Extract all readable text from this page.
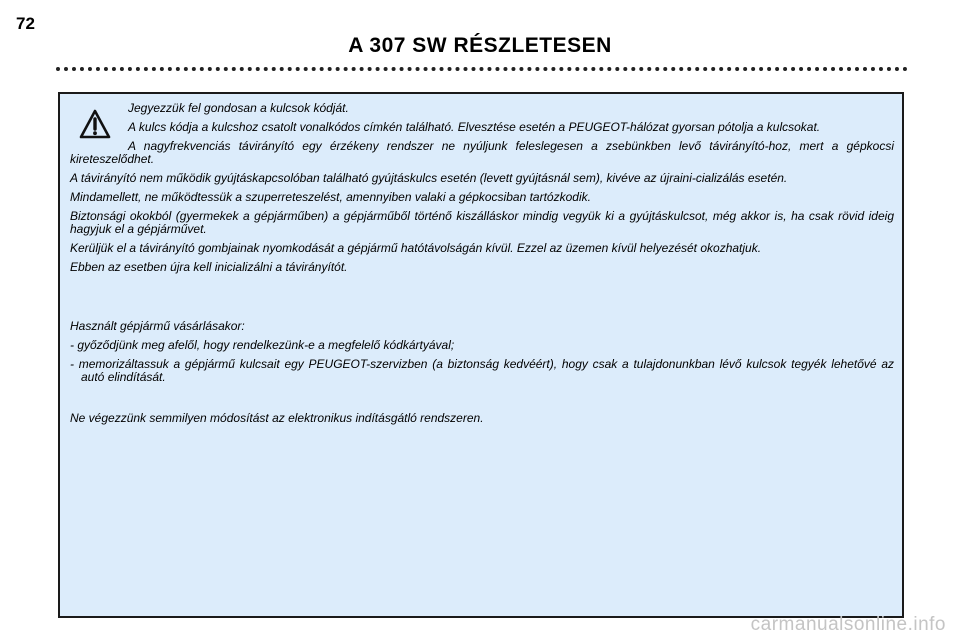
72
A 307 SW RÉSZLETESEN

Jegyezzük fel gondosan a kulcsok kódját.

A kulcs kódja a kulcshoz csatolt vonalkódos címkén található. Elvesztése esetén a PEUGEOT-hálózat gyorsan pótolja a kulcsokat.

A nagyfrekvenciás távirányító egy érzékeny rendszer ne nyúljunk feleslegesen a zsebünkben levő távirányító-hoz, mert a gépkocsi kireteszelődhet.

A távirányító nem működik gyújtáskapcsolóban található gyújtáskulcs esetén (levett gyújtásnál sem), kivéve az újraini-cializálás esetén.

Mindamellett, ne működtessük a szuperreteszelést, amennyiben valaki a gépkocsiban tartózkodik.

Biztonsági okokból (gyermekek a gépjárműben) a gépjárműből történő kiszálláskor mindig vegyük ki a gyújtáskulcsot, még akkor is, ha csak rövid ideig hagyjuk el a gépjárművet.

Kerüljük el a távirányító gombjainak nyomkodását a gépjármű hatótávolságán kívül. Ezzel az üzemen kívül helyezését okozhatjuk.

Ebben az esetben újra kell inicializálni a távirányítót.

Használt gépjármű vásárlásakor:

- győződjünk meg afelől, hogy rendelkezünk-e a megfelelő kódkártyával;

- memorizáltassuk a gépjármű kulcsait egy PEUGEOT-szervizben (a biztonság kedvéért), hogy csak a tulajdonunkban lévő kulcsok tegyék lehetővé az autó elindítását.

Ne végezzünk semmilyen módosítást az elektronikus indításgátló rendszeren.

carmanualsonline.info
